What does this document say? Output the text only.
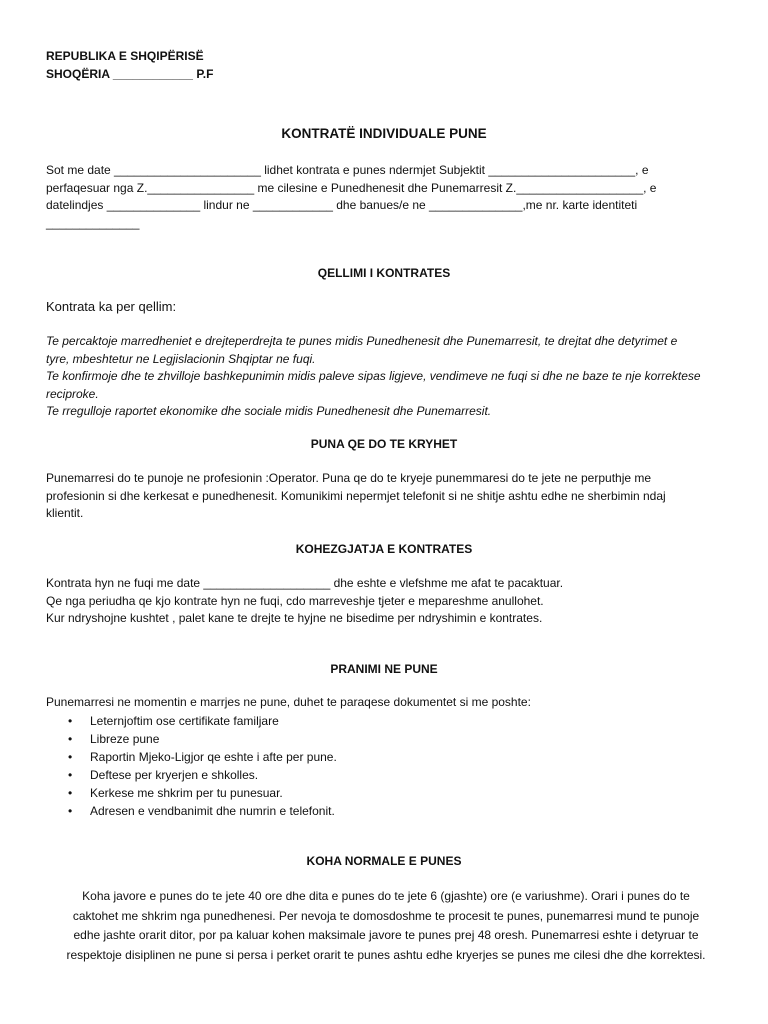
REPUBLIKA E SHQIPËRISË
SHOQËRIA ____________ P.F
KONTRATË INDIVIDUALE PUNE

Sot me date ______________________ lidhet kontrata e punes ndermjet Subjektit ______________________, e

perfaqesuar nga Z.________________ me cilesine e Punedhenesit dhe Punemarresit Z.___________________, e

datelindjes ______________ lindur ne ____________ dhe banues/e ne ______________,me nr. karte identiteti

______________

QELLIMI I KONTRATES
Kontrata ka per qellim:

Te percaktoje marredheniet e drejteperdrejta te punes midis Punedhenesit dhe Punemarresit, te drejtat dhe detyrimet e

tyre, mbeshtetur ne Legjislacionin Shqiptar ne fuqi.

Te konfirmoje dhe te zhvilloje bashkepunimin midis paleve sipas ligjeve, vendimeve ne fuqi si dhe ne baze te nje korrektese

reciproke.

Te rregulloje raportet ekonomike dhe sociale midis Punedhenesit dhe Punemarresit.

PUNA QE DO TE KRYHET

Punemarresi do te punoje ne profesionin :Operator. Puna qe do te kryeje punemmaresi do te jete ne perputhje me

profesionin si dhe kerkesat e punedhenesit. Komunikimi nepermjet telefonit si ne shitje ashtu edhe ne sherbimin ndaj

klientit.

KOHEZGJATJA E KONTRATES

Kontrata hyn ne fuqi me date ___________________ dhe eshte e vlefshme me afat te pacaktuar.

Qe nga periudha qe kjo kontrate hyn ne fuqi, cdo marreveshje tjeter e mepareshme anullohet.

Kur ndryshojne kushtet , palet kane te drejte te hyjne ne bisedime per ndryshimin e kontrates.

PRANIMI NE PUNE
Punemarresi ne momentin e marrjes ne pune, duhet te paraqese dokumentet si me poshte:
• Leternjoftim ose certifikate familjare
• Libreze pune
• Raportin Mjeko-Ligjor qe eshte i afte per pune.
• Deftese per kryerjen e shkolles.
• Kerkese me shkrim per tu punesuar.
• Adresen e vendbanimit dhe numrin e telefonit.
KOHA NORMALE E PUNES
Koha javore e punes do te jete 40 ore dhe dita e punes do te jete 6 (gjashte) ore (e variushme). Orari i punes do te
caktohet me shkrim nga punedhenesi. Per nevoja te domosdoshme te procesit te punes, punemarresi mund te punoje
edhe jashte orarit ditor, por pa kaluar kohen maksimale javore te punes prej 48 oresh. Punemarresi eshte i detyruar te
respektoje disiplinen ne pune si persa i perket orarit te punes ashtu edhe kryerjes se punes me cilesi dhe dhe korrektesi.
